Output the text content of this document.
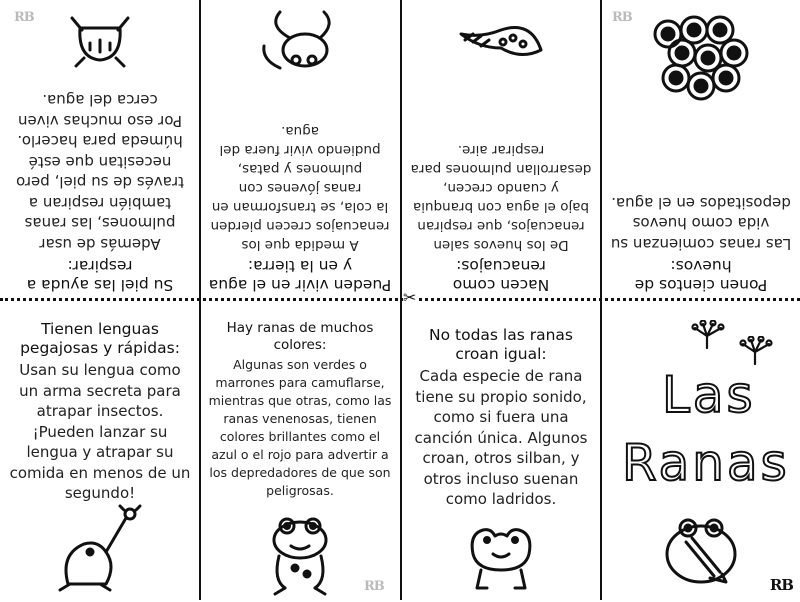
✂
Su piel las ayuda a respirar:
Además de usar pulmones, las ranas también respiran a través de su piel, pero necesitan que esté húmeda para hacerlo. Por eso muchas viven cerca del agua.
Pueden vivir en el agua y en la tierra:
A medida que los renacuajos crecen pierden la cola, se transforman en ranas jóvenes con pulmones y patas, pudiendo vivir fuera del agua.
Nacen como renacuajos:
De los huevos salen renacuajos, que respiran bajo el agua con branquia y cuando crecen, desarrollan pulmones para respirar aire.
Ponen cientos de huevos:
Las ranas comienzan su vida como huevos depositados en el agua.
RB	RB
Tienen lenguas pegajosas y rápidas:
Usan su lengua como un arma secreta para atrapar insectos. ¡Pueden lanzar su lengua y atrapar su comida en menos de un segundo!
Hay ranas de muchos colores:
Algunas son verdes o marrones para camuflarse, mientras que otras, como las ranas venenosas, tienen colores brillantes como el azul o el rojo para advertir a los depredadores de que son peligrosas.
RB
No todas las ranas croan igual:
Cada especie de rana tiene su propio sonido, como si fuera una canción única. Algunos croan, otros silban, y otros incluso suenan como ladridos.
RB
Las
Ranas
